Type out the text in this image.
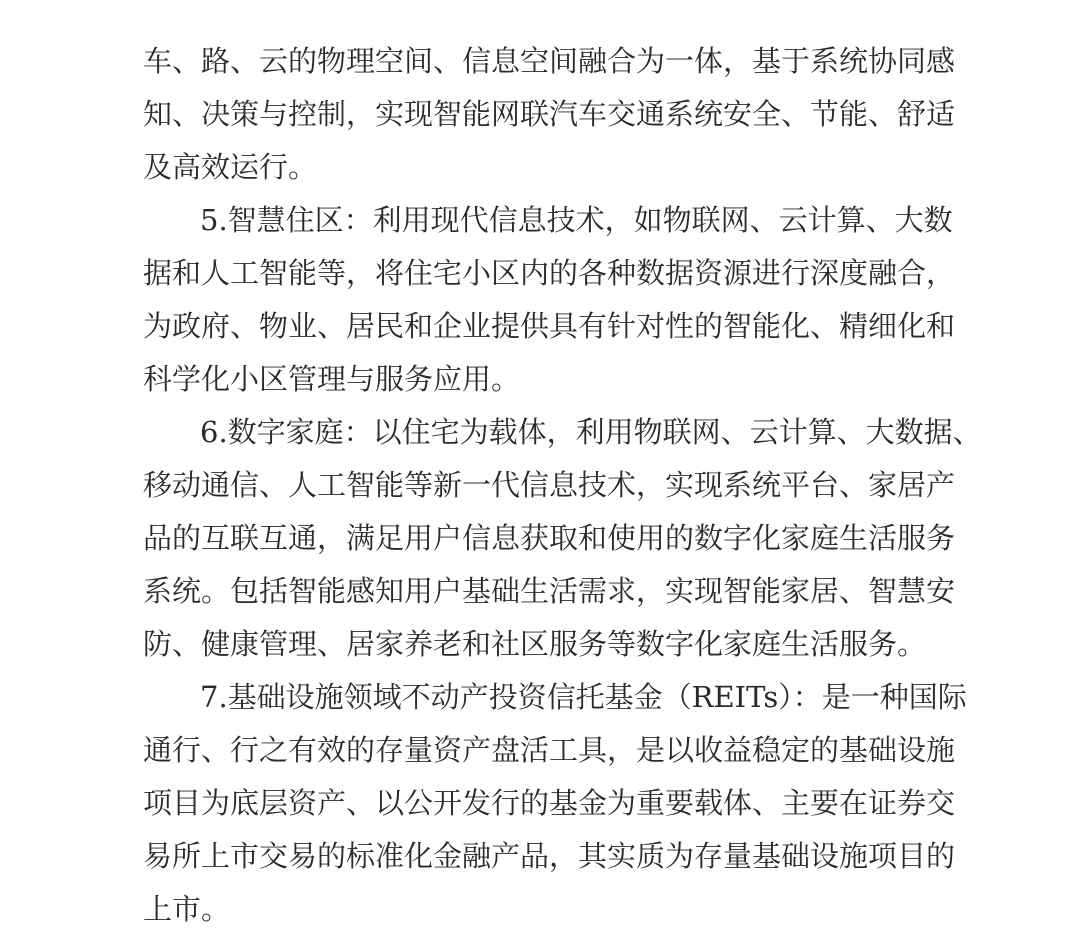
车、路、云的物理空间、信息空间融合为一体，基于系统协同感
知、决策与控制，实现智能网联汽车交通系统安全、节能、舒适
及高效运行。
5.智慧住区：利用现代信息技术，如物联网、云计算、大数
据和人工智能等，将住宅小区内的各种数据资源进行深度融合，
为政府、物业、居民和企业提供具有针对性的智能化、精细化和
科学化小区管理与服务应用。
6.数字家庭：以住宅为载体，利用物联网、云计算、大数据、
移动通信、人工智能等新一代信息技术，实现系统平台、家居产
品的互联互通，满足用户信息获取和使用的数字化家庭生活服务
系统。包括智能感知用户基础生活需求，实现智能家居、智慧安
防、健康管理、居家养老和社区服务等数字化家庭生活服务。
7.基础设施领域不动产投资信托基金（REITs）：是一种国际
通行、行之有效的存量资产盘活工具，是以收益稳定的基础设施
项目为底层资产、以公开发行的基金为重要载体、主要在证券交
易所上市交易的标准化金融产品，其实质为存量基础设施项目的
上市。
